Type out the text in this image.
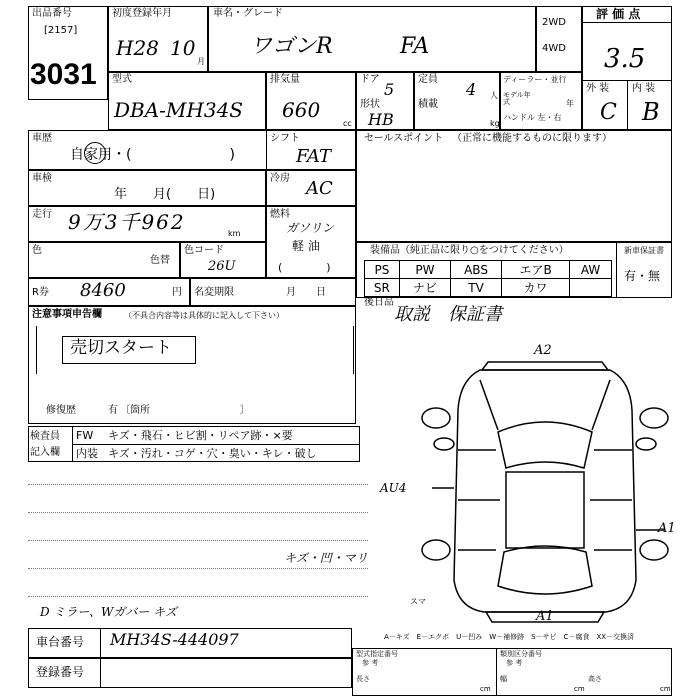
出品番号
[2157]
3031
初度登録年月
H28 10
月
車名・グレード
ワゴンR	FA
2WD
4WD
評 価 点
3.5
外 装 内 装
C B
型式
DBA-MH34S
排気量
660
cc
ドア
5
形状
HB
定員
4 人
積載
kg
ディーラー・並行
モデル年式	年
ハンドル 左・右
車歴
自家用・(　　　　　　　)
シフト
FAT
車検
年　　月(　　日)
冷房 AC
走行 9万3千962	km
燃料
ガソリン
軽 油
(　　　　)
色
色替
色コード
26U
R券 8460	円 名変期限	月　　日
注意事項申告欄	（不具合内容等は具体的に記入して下さい）
売切スタート
修復歴	有 〔箇所　　　　　　　　　〕
検査員
記入欄
FW キズ・飛石・ヒビ割・リペア跡・×要
内装 キズ・汚れ・コゲ・穴・臭い・キレ・破し
キズ・凹・マリ
D ミラー、Wガバー キズ
セールスポイント （正常に機能するものに限ります）
装備品（純正品に限り○をつけてください）	新車保証書
有・無
PS	PW	ABS	エアB	AW
SR	ナビ	TV	カワ	
後日品
取説　保証書
A2
AU4
A1
A1
スマ
A－キズ　E－エクボ　U－凹み　W－補修跡　S－サビ　C－腐食　XX－交換済
車台番号 MH34S-444097
登録番号
型式指定番号
参 考
類別区分番号
参 考
長さ
cm
幅
cm
高さ
cm
